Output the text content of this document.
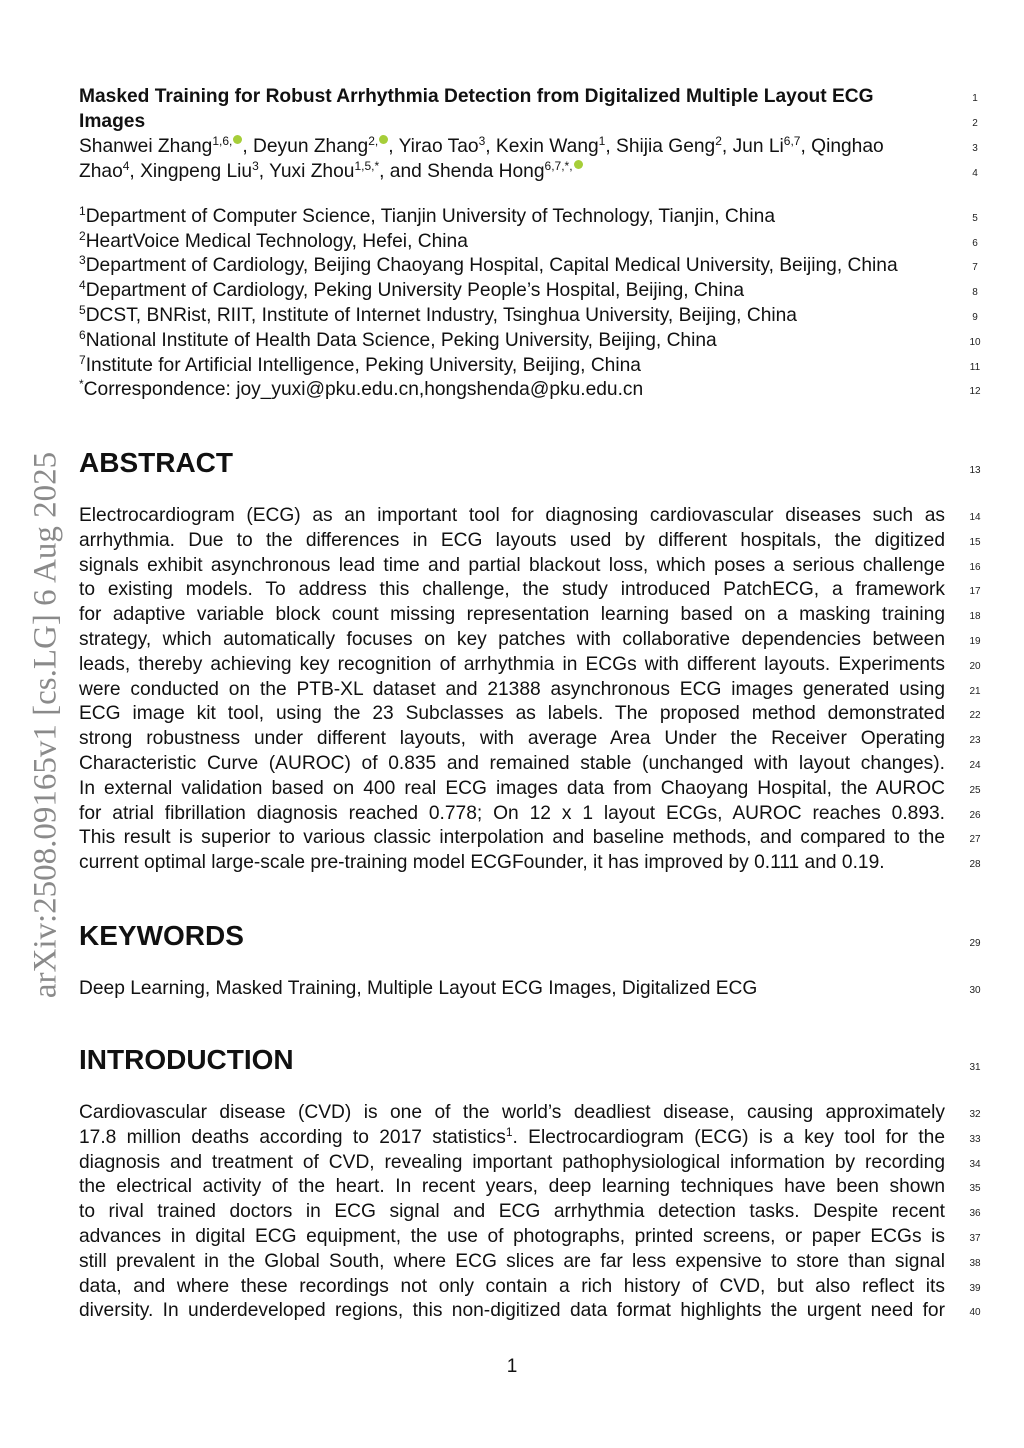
arXiv:2508.09165v1 [cs.LG] 6 Aug 2025
Masked Training for Robust Arrhythmia Detection from Digitalized Multiple Layout ECG	1
Images	2
Shanwei Zhang$^{1,6,}$ , Deyun Zhang$^{2,}$ , Yirao Tao$^3$, Kexin Wang$^1$, Shijia Geng$^2$, Jun Li$^{6,7}$, Qinghao	3
Zhao$^4$, Xingpeng Liu$^3$, Yuxi Zhou$^{1,5,*}$, and Shenda Hong$^{6,7,*,}$
4
$^1$Department of Computer Science, Tianjin University of Technology, Tianjin, China	5
$^2$HeartVoice Medical Technology, Hefei, China	6
$^3$Department of Cardiology, Beijing Chaoyang Hospital, Capital Medical University, Beijing, China	7
$^4$Department of Cardiology, Peking University People’s Hospital, Beijing, China	8
$^5$DCST, BNRist, RIIT, Institute of Internet Industry, Tsinghua University, Beijing, China	9
$^6$National Institute of Health Data Science, Peking University, Beijing, China	10
$^7$Institute for Artificial Intelligence, Peking University, Beijing, China	11
*Correspondence: joy_yuxi@pku.edu.cn,hongshenda@pku.edu.cn	12
ABSTRACT	13
Electrocardiogram (ECG) as an important tool for diagnosing cardiovascular diseases such as	14
arrhythmia. Due to the differences in ECG layouts used by different hospitals, the digitized	15
signals exhibit asynchronous lead time and partial blackout loss, which poses a serious challenge	16
to existing models. To address this challenge, the study introduced PatchECG, a framework	17
for adaptive variable block count missing representation learning based on a masking training	18
strategy, which automatically focuses on key patches with collaborative dependencies between	19
leads, thereby achieving key recognition of arrhythmia in ECGs with different layouts. Experiments	20
were conducted on the PTB-XL dataset and 21388 asynchronous ECG images generated using	21
ECG image kit tool, using the 23 Subclasses as labels. The proposed method demonstrated	22
strong robustness under different layouts, with average Area Under the Receiver Operating	23
Characteristic Curve (AUROC) of 0.835 and remained stable (unchanged with layout changes).	24
In external validation based on 400 real ECG images data from Chaoyang Hospital, the AUROC	25
for atrial fibrillation diagnosis reached 0.778; On 12 x 1 layout ECGs, AUROC reaches 0.893.	26
This result is superior to various classic interpolation and baseline methods, and compared to the	27
current optimal large-scale pre-training model ECGFounder, it has improved by 0.111 and 0.19.	28
KEYWORDS	29
Deep Learning, Masked Training, Multiple Layout ECG Images, Digitalized ECG	30
INTRODUCTION	31
Cardiovascular disease (CVD) is one of the world’s deadliest disease, causing approximately	32
17.8 million deaths according to 2017 statistics$^1$. Electrocardiogram (ECG) is a key tool for the	33
diagnosis and treatment of CVD, revealing important pathophysiological information by recording	34
the electrical activity of the heart. In recent years, deep learning techniques have been shown	35
to rival trained doctors in ECG signal and ECG arrhythmia detection tasks. Despite recent	36
advances in digital ECG equipment, the use of photographs, printed screens, or paper ECGs is	37
still prevalent in the Global South, where ECG slices are far less expensive to store than signal	38
data, and where these recordings not only contain a rich history of CVD, but also reflect its	39
diversity. In underdeveloped regions, this non-digitized data format highlights the urgent need for	40
1
